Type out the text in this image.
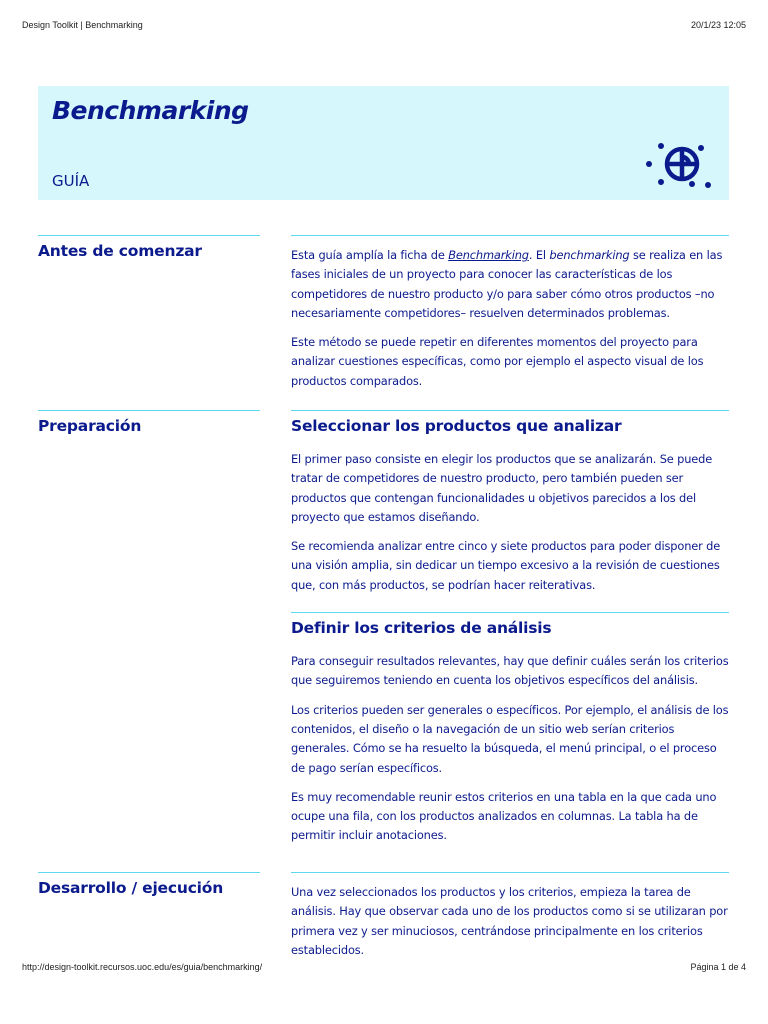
Design Toolkit | Benchmarking	20/1/23 12:05
Benchmarking
GUÍA
Antes de comenzar	Esta guía amplía la ficha de Benchmarking. El benchmarking se realiza en las fases iniciales de un proyecto para conocer las características de los competidores de nuestro producto y/o para saber cómo otros productos –no necesariamente competidores– resuelven determinados problemas.

Este método se puede repetir en diferentes momentos del proyecto para analizar cuestiones específicas, como por ejemplo el aspecto visual de los productos comparados.

Preparación	Seleccionar los productos que analizar

El primer paso consiste en elegir los productos que se analizarán. Se puede tratar de competidores de nuestro producto, pero también pueden ser productos que contengan funcionalidades u objetivos parecidos a los del proyecto que estamos diseñando.

Se recomienda analizar entre cinco y siete productos para poder disponer de una visión amplia, sin dedicar un tiempo excesivo a la revisión de cuestiones que, con más productos, se podrían hacer reiterativas.

Definir los criterios de análisis

Para conseguir resultados relevantes, hay que definir cuáles serán los criterios que seguiremos teniendo en cuenta los objetivos específicos del análisis.

Los criterios pueden ser generales o específicos. Por ejemplo, el análisis de los contenidos, el diseño o la navegación de un sitio web serían criterios generales. Cómo se ha resuelto la búsqueda, el menú principal, o el proceso de pago serían específicos.

Es muy recomendable reunir estos criterios en una tabla en la que cada uno ocupe una fila, con los productos analizados en columnas. La tabla ha de permitir incluir anotaciones.

Desarrollo / ejecución	Una vez seleccionados los productos y los criterios, empieza la tarea de análisis. Hay que observar cada uno de los productos como si se utilizaran por primera vez y ser minuciosos, centrándose principalmente en los criterios establecidos.

http://design-toolkit.recursos.uoc.edu/es/guia/benchmarking/	Página 1 de 4
